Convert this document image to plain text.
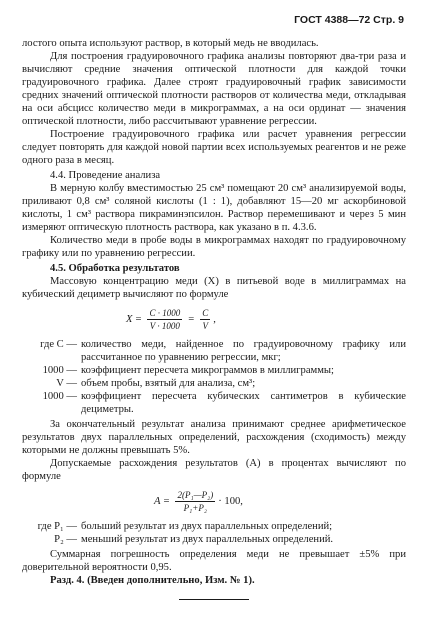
ГОСТ 4388—72 Стр. 9

лостого опыта используют раствор, в который медь не вводилась.

Для построения градуировочного графика анализы повторяют два-три раза и вычисляют средние значения оптической плотности для каждой точки градуировочного графика. Далее строят градуировочный график зависимости средних значений оптической плотности растворов от количества меди, откладывая на оси абсцисс количество меди в микрограммах, а на оси ординат — значения оптической плотности, либо рассчитывают уравнение регрессии.

Построение градуировочного графика или расчет уравнения регрессии следует повторять для каждой новой партии всех используемых реагентов и не реже одного раза в месяц.

4.4. Проведение анализа

В мерную колбу вместимостью 25 см³ помещают 20 см³ анализируемой воды, приливают 0,8 см³ соляной кислоты (1 : 1), добавляют 15—20 мг аскорбиновой кислоты, 1 см³ раствора пикраминэпсилон. Раствор перемешивают и через 5 мин измеряют оптическую плотность раствора, как указано в п. 4.3.6.

Количество меди в пробе воды в микрограммах находят по градуировочному графику или по уравнению регрессии.

4.5. Обработка результатов

Массовую концентрацию меди (X) в питьевой воде в миллиграммах на кубический дециметр вычисляют по формуле

$X = \frac{C \cdot 1000}{V \cdot 1000} = \frac{C}{V}$ ,
где C — количество меди, найденное по градуировочному графику или рассчитанное по уравнению регрессии, мкг;
1000 — коэффициент пересчета микрограммов в миллиграммы;
V — объем пробы, взятый для анализа, см³;
1000 — коэффициент пересчета кубических сантиметров в кубические дециметры.

За окончательный результат анализа принимают среднее арифметическое результатов двух параллельных определений, расхождения (сходимость) между которыми не должны превышать 5%.

Допускаемые расхождения результатов (A) в процентах вычисляют по формуле

$A = \frac{\text{2(P₁—P₂)}}{\text{P₁+P₂}} \cdot 100$,
где P₁ — больший результат из двух параллельных определений;
P₂ — меньший результат из двух параллельных определений.

Суммарная погрешность определения меди не превышает ±5% при доверительной вероятности 0,95.

Разд. 4. (Введен дополнительно, Изм. № 1).
